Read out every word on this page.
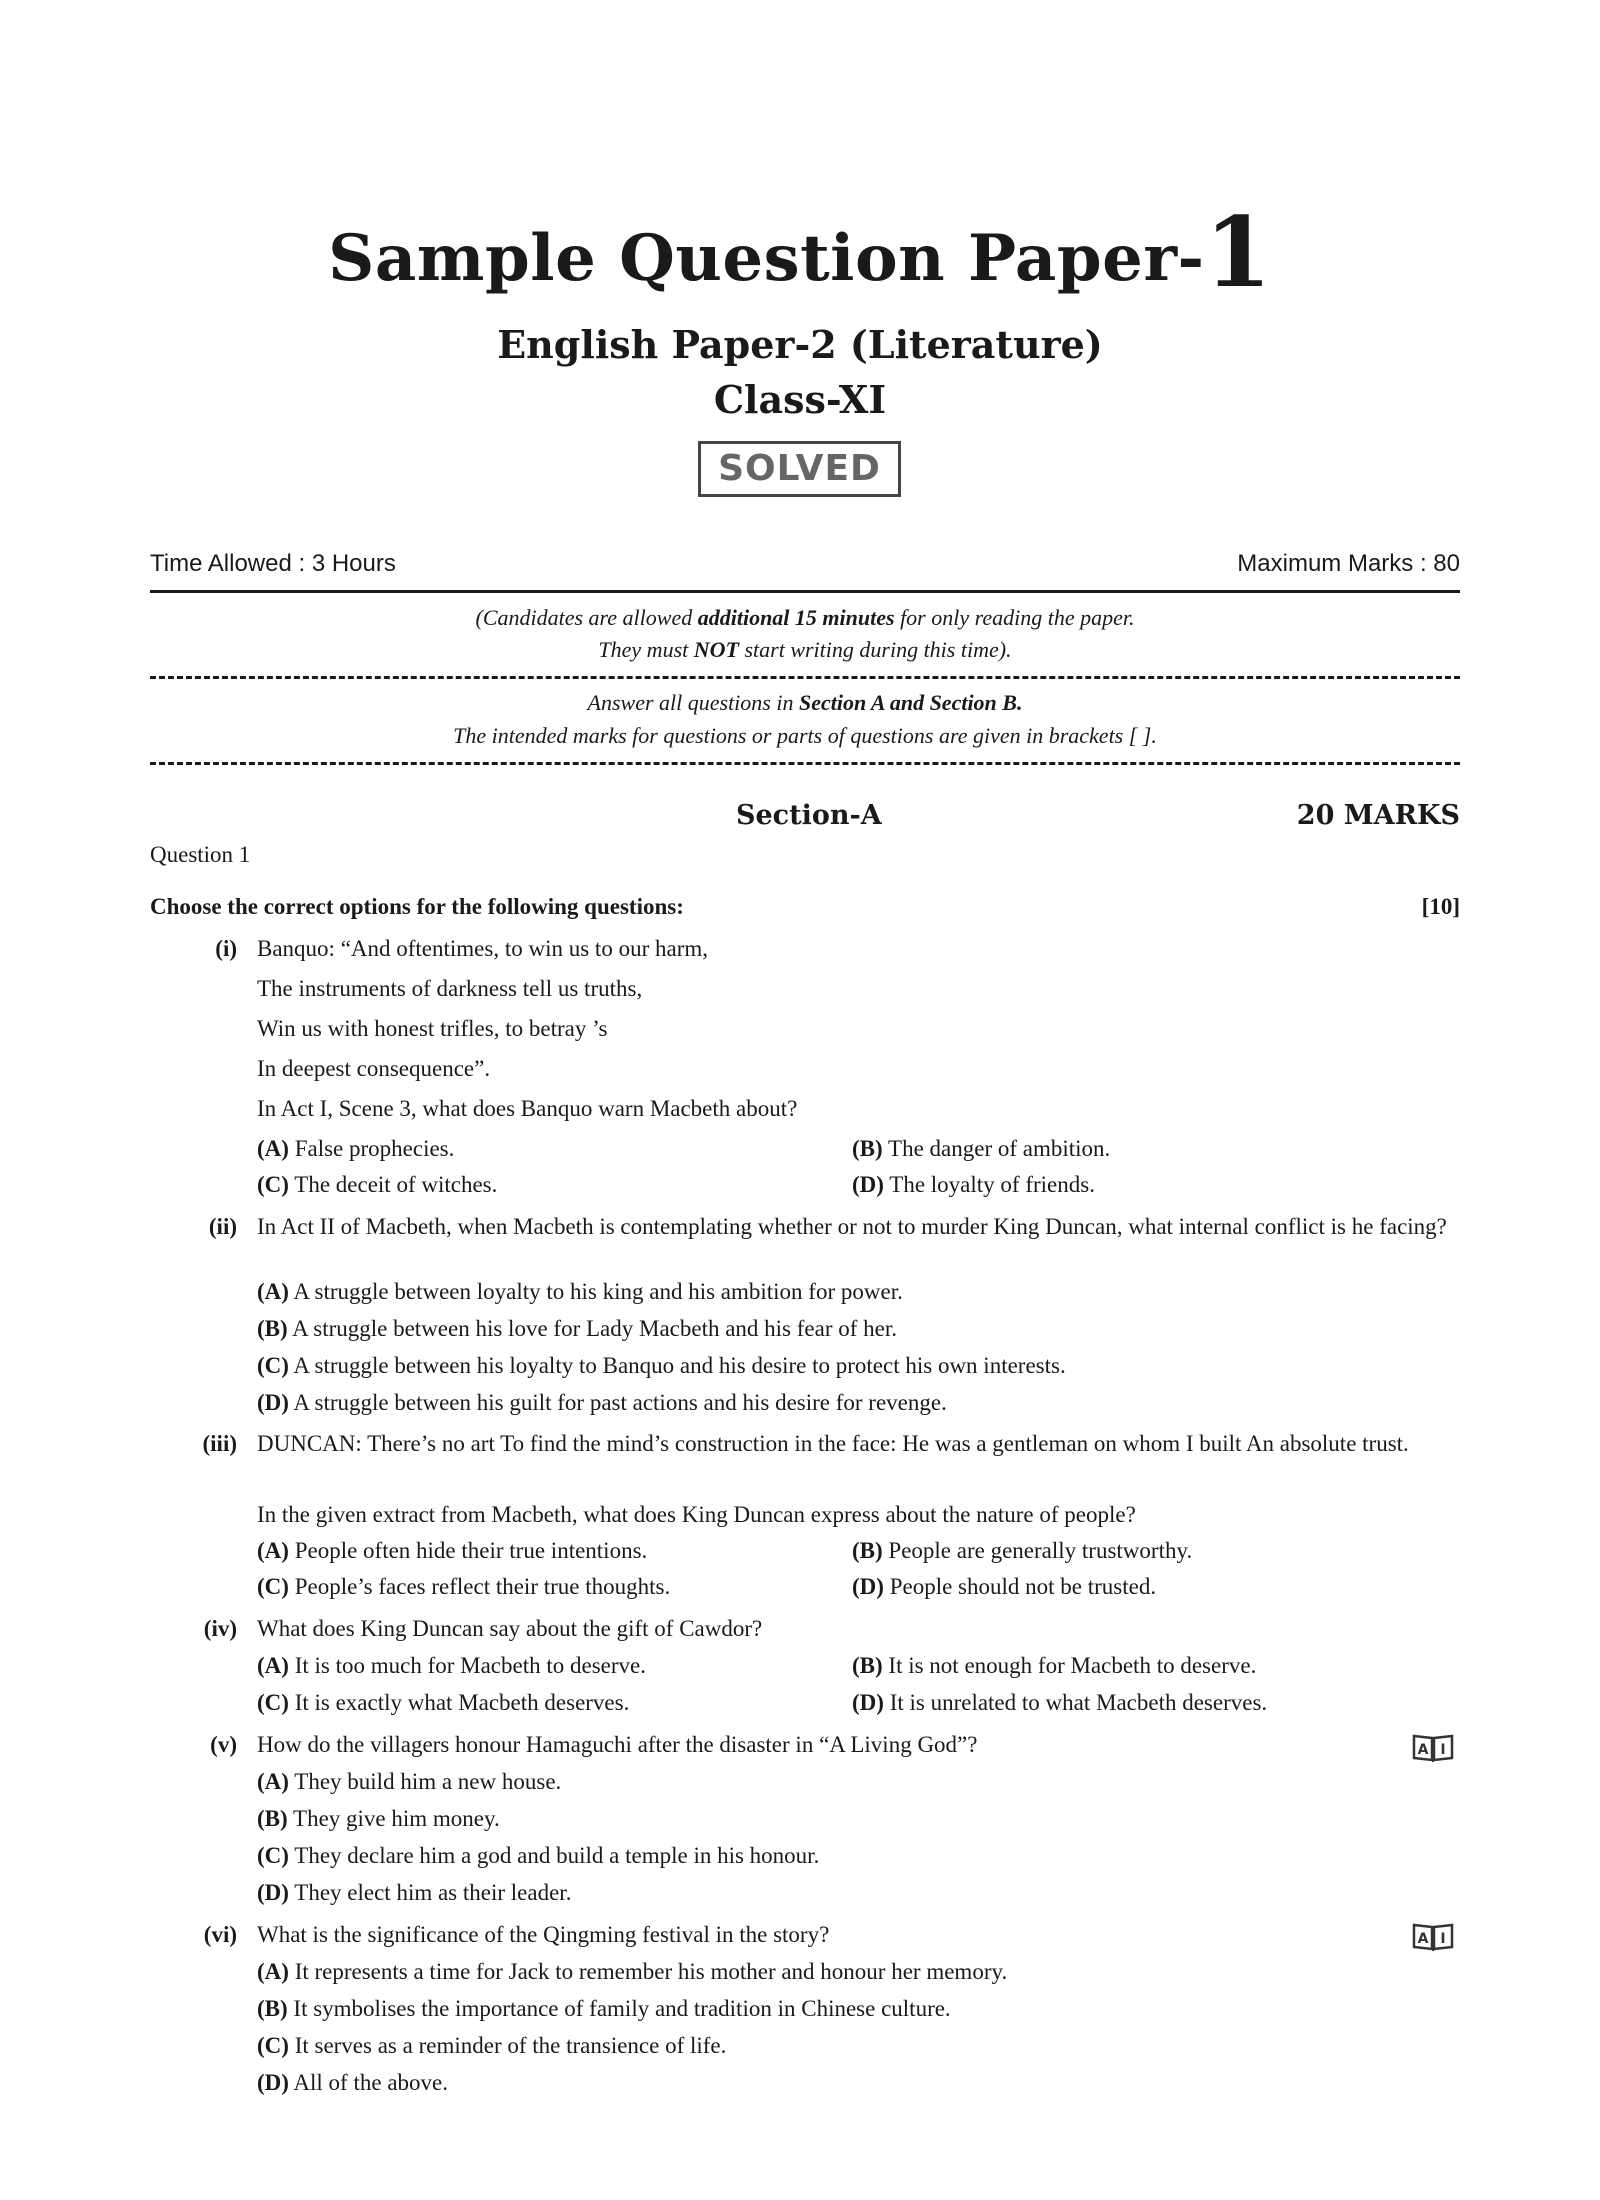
Sample Question Paper-1
English Paper-2 (Literature)
Class-XI
SOLVED
Time Allowed : 3 Hours	Maximum Marks : 80
(Candidates are allowed additional 15 minutes for only reading the paper.
They must NOT start writing during this time).
Answer all questions in Section A and Section B.
The intended marks for questions or parts of questions are given in brackets [ ].
Section-A	20 MARKS
Question 1
Choose the correct options for the following questions:	[10]
(i) Banquo: “And oftentimes, to win us to our harm,
The instruments of darkness tell us truths,
Win us with honest trifles, to betray ’s
In deepest consequence”.
In Act I, Scene 3, what does Banquo warn Macbeth about?
(A) False prophecies.	(B) The danger of ambition.
(C) The deceit of witches.	(D) The loyalty of friends.
(ii) In Act II of Macbeth, when Macbeth is contemplating whether or not to murder King Duncan, what internal conflict is he facing?
(A) A struggle between loyalty to his king and his ambition for power.
(B) A struggle between his love for Lady Macbeth and his fear of her.
(C) A struggle between his loyalty to Banquo and his desire to protect his own interests.
(D) A struggle between his guilt for past actions and his desire for revenge.
(iii) DUNCAN: There’s no art To find the mind’s construction in the face: He was a gentleman on whom I built An absolute trust.
In the given extract from Macbeth, what does King Duncan express about the nature of people?
(A) People often hide their true intentions.	(B) People are generally trustworthy.
(C) People’s faces reflect their true thoughts.	(D) People should not be trusted.
(iv) What does King Duncan say about the gift of Cawdor?
(A) It is too much for Macbeth to deserve.	(B) It is not enough for Macbeth to deserve.
(C) It is exactly what Macbeth deserves.	(D) It is unrelated to what Macbeth deserves.
(v) How do the villagers honour Hamaguchi after the disaster in “A Living God”?	A I
(A) They build him a new house.
(B) They give him money.
(C) They declare him a god and build a temple in his honour.
(D) They elect him as their leader.
(vi) What is the significance of the Qingming festival in the story?	A I
(A) It represents a time for Jack to remember his mother and honour her memory.
(B) It symbolises the importance of family and tradition in Chinese culture.
(C) It serves as a reminder of the transience of life.
(D) All of the above.
